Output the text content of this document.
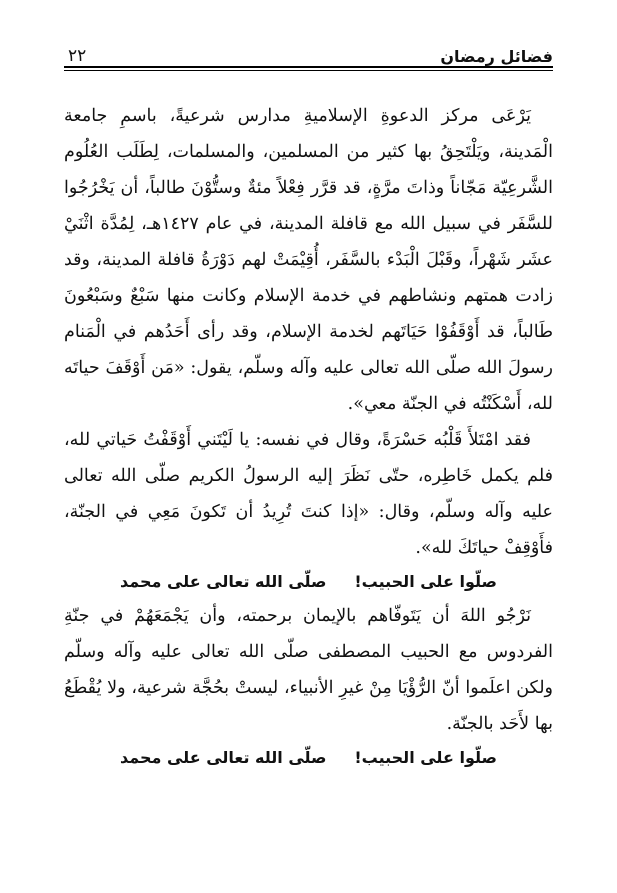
٢٢	فضائل رمضان

يَرْعَى مركز الدعوةِ الإسلاميةِ مدارس شرعيةً، باسمِ جامعة الْمَدينة، ويَلْتَحِقُ بها كثير من المسلمين، والمسلمات، لِطَلَب العُلُوم الشَّرعِيّة مَجّاناً وذاتَ مرَّةٍ، قد قرَّر فِعْلاً مئةٌ وستُّوْنَ طالباً، أن يَخْرُجُوا للسَّفَر في سبيل الله مع قافلة المدينة، في عام ١٤٢٧هـ، لِمُدَّة اثْنَيْ عشَر شَهْراً، وقَبْلَ الْبَدْء بالسَّفَر، أُقِيْمَتْ لهم دَوْرَةُ قافلة المدينة، وقد زادت همتهم ونشاطهم في خدمة الإسلام وكانت منها سَبْعٌ وسَبْعُونَ طَالباً، قد أَوْقَفُوْا حَيَاتَهم لخدمة الإسلام، وقد رأى أَحَدُهم في الْمَنام رسولَ الله صلّى الله تعالى عليه وآله وسلّم، يقول: «مَن أَوْقَفَ حياتَه لله، أَسْكَنْتُه في الجنّة معي».

فقد امْتَلأَ قَلْبُه حَسْرَةً، وقال في نفسه: يا لَيْتَني أَوْقَفْتُ حَياتي لله، فلم يكمل خَاطِره، حتّى نَظَرَ إليه الرسولُ الكريم صلّى الله تعالى عليه وآله وسلّم، وقال: «إذا كنتَ تُرِيدُ أن تَكونَ مَعِي في الجنّة، فأَوْقِفْ حياتَكَ لله».

صلّوا على الحبيب!     صلّى الله تعالى على محمد

نَرْجُو اللهَ أن يَتَوفّاهم بالإيمان برحمته، وأن يَجْمَعَهُمْ في جنّةِ الفردوس مع الحبيب المصطفى صلّى الله تعالى عليه وآله وسلّم ولكن اعلَموا أنّ الرُّؤْيَا مِنْ غيرِ الأنبياء، ليستْ بحُجَّة شرعية، ولا يُقْطَعُ بها لأَحَد بالجنّة.

صلّوا على الحبيب!     صلّى الله تعالى على محمد
